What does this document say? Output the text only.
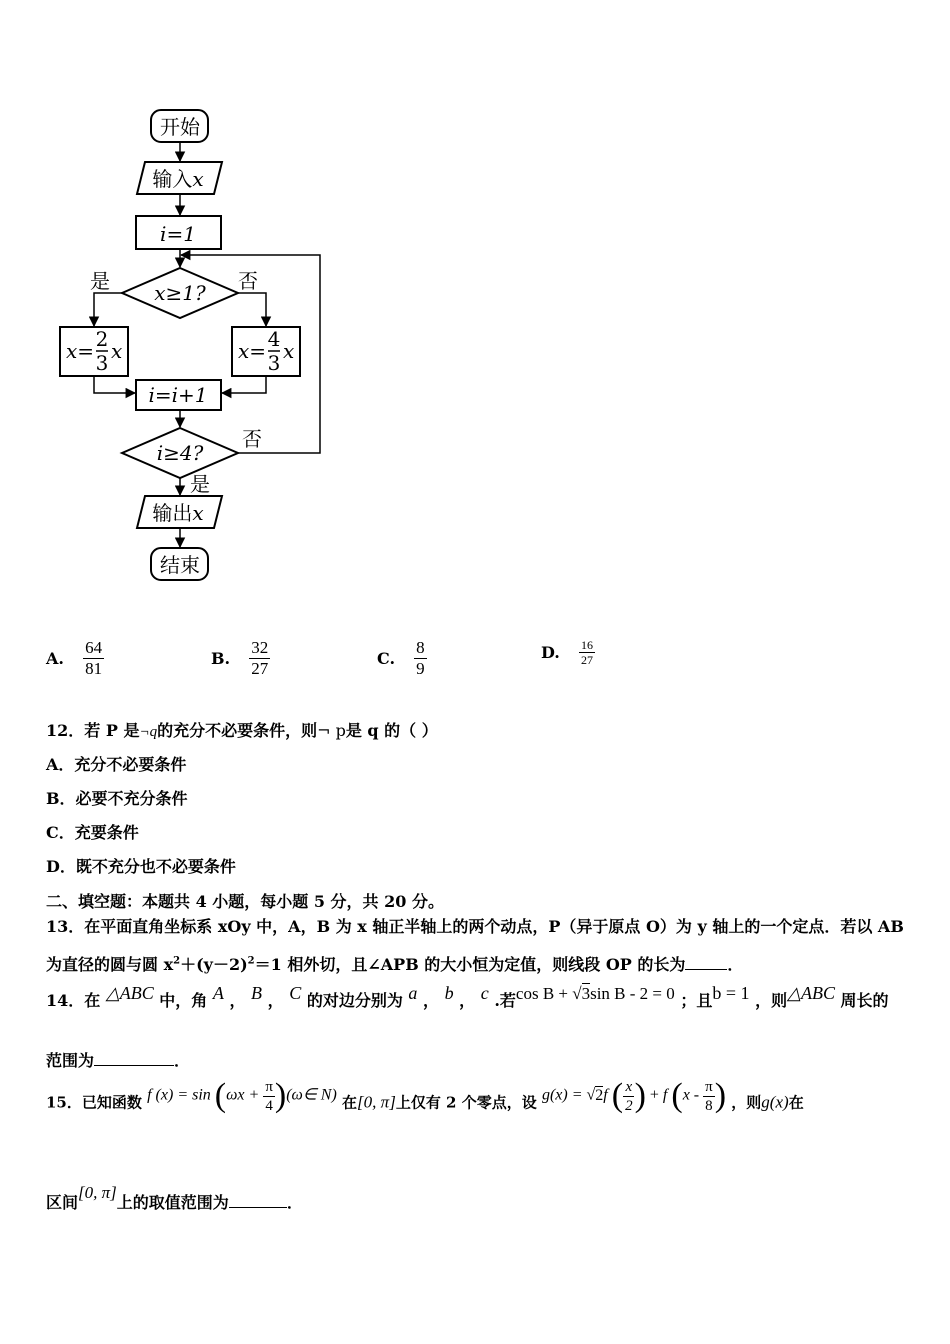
开始
输入x
i=1
x≥1?
是	否
x= 2
3 x	x= 4
3 x
i=i+1
i≥4?
否
是
输出x
结束
A. $\frac{64}{81}$	B. $\frac{32}{27}$	C. $\frac{8}{9}$	D. $\frac{16}{27}$
12．若 P 是¬q的充分不必要条件，则¬ p是 q 的（ ）
A．充分不必要条件
B．必要不充分条件
C．充要条件
D．既不充分也不必要条件
二、填空题：本题共 4 小题，每小题 5 分，共 20 分。
13．在平面直角坐标系 xOy 中，A，B 为 x 轴正半轴上的两个动点，P（异于原点 O）为 y 轴上的一个定点．若以 AB
为直径的圆与圆 $x^2+(y-2)^2=1$ 相外切，且∠APB 的大小恒为定值，则线段 OP 的长为	．
14．在 △ABC 中，角 A ， B ， C 的对边分别为 a ， b ， c .若cos B + √3sin B - 2 = 0 ；且b = 1 ，则△ABC 周长的
范围为	．
15．已知函数 f $(x) = \sin (\omega x + \frac{\pi}{4}$ )(ω∈ N) 在[0, π]上仅有 2 个零点，设 g(x) = √2f ( $\frac{x}{2}$ ) + f ($x - \frac{\pi}{8}$ ) ，则g(x)在
区间[0, π]上的取值范围为	．
